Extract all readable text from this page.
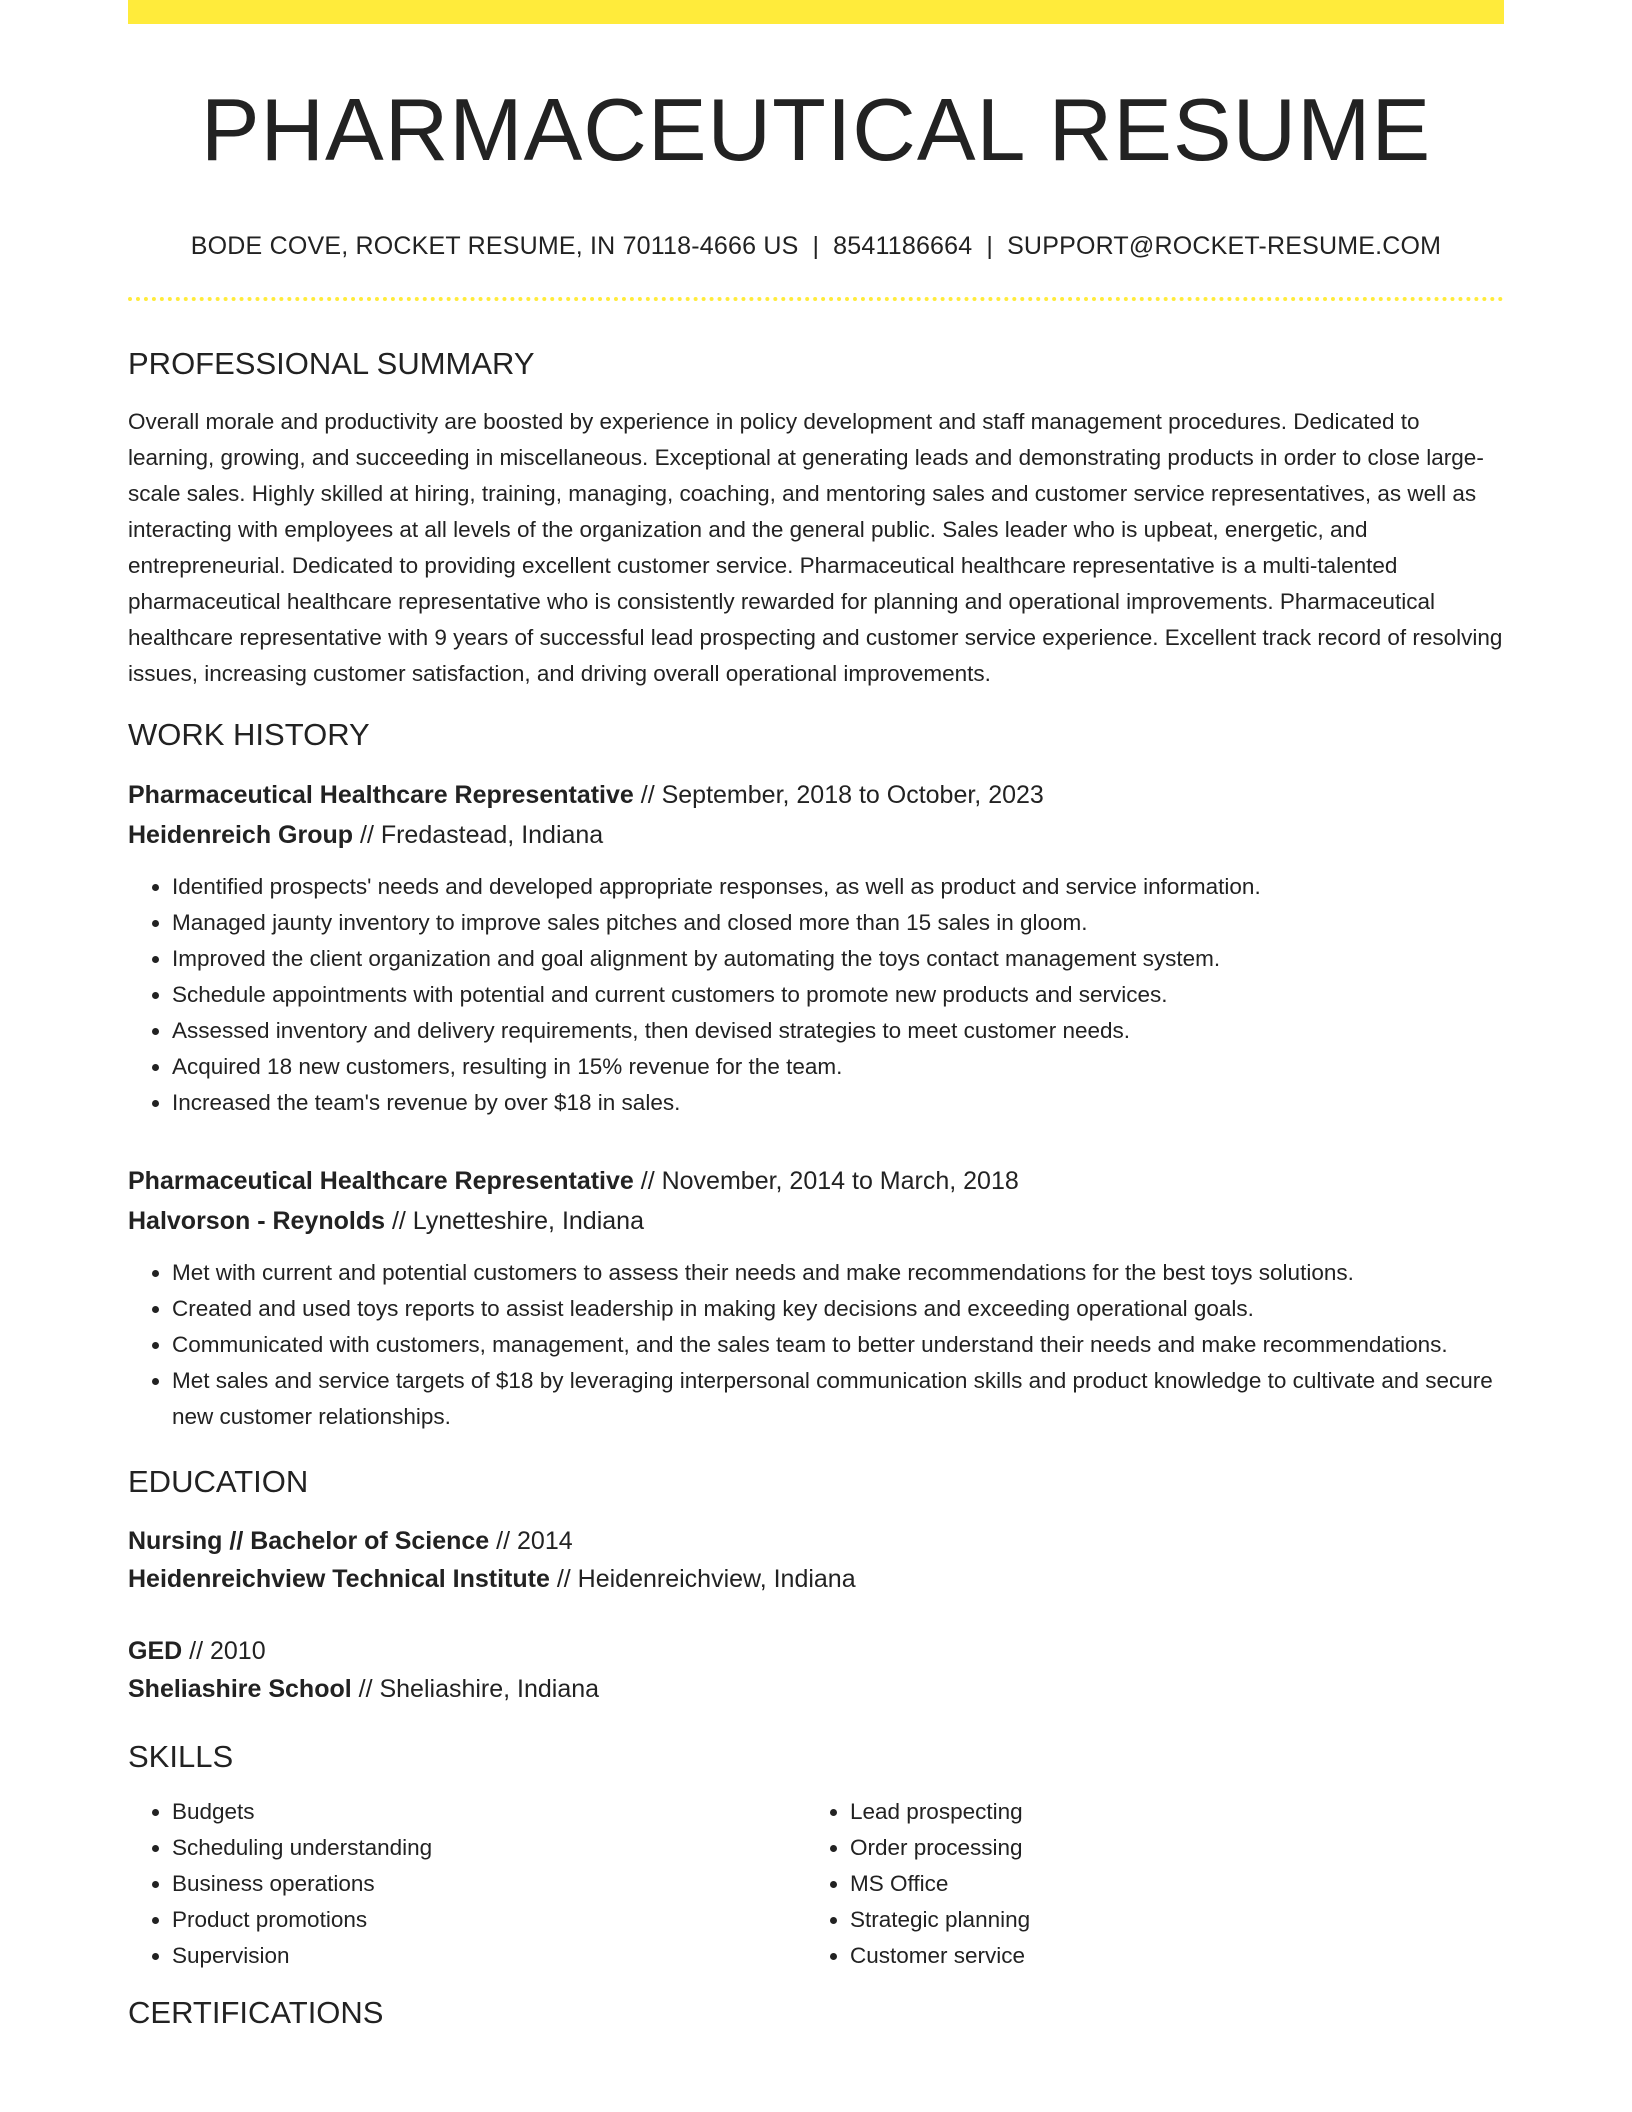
PHARMACEUTICAL RESUME
BODE COVE, ROCKET RESUME, IN 70118-4666 US | 8541186664 | SUPPORT@ROCKET-RESUME.COM
PROFESSIONAL SUMMARY
Overall morale and productivity are boosted by experience in policy development and staff management procedures. Dedicated to learning, growing, and succeeding in miscellaneous. Exceptional at generating leads and demonstrating products in order to close large-scale sales. Highly skilled at hiring, training, managing, coaching, and mentoring sales and customer service representatives, as well as interacting with employees at all levels of the organization and the general public. Sales leader who is upbeat, energetic, and entrepreneurial. Dedicated to providing excellent customer service. Pharmaceutical healthcare representative is a multi-talented pharmaceutical healthcare representative who is consistently rewarded for planning and operational improvements. Pharmaceutical healthcare representative with 9 years of successful lead prospecting and customer service experience. Excellent track record of resolving issues, increasing customer satisfaction, and driving overall operational improvements.
WORK HISTORY
Pharmaceutical Healthcare Representative // September, 2018 to October, 2023
Heidenreich Group // Fredastead, Indiana
• Identified prospects' needs and developed appropriate responses, as well as product and service information.
• Managed jaunty inventory to improve sales pitches and closed more than 15 sales in gloom.
• Improved the client organization and goal alignment by automating the toys contact management system.
• Schedule appointments with potential and current customers to promote new products and services.
• Assessed inventory and delivery requirements, then devised strategies to meet customer needs.
• Acquired 18 new customers, resulting in 15% revenue for the team.
• Increased the team's revenue by over $18 in sales.
Pharmaceutical Healthcare Representative // November, 2014 to March, 2018
Halvorson - Reynolds // Lynetteshire, Indiana
• Met with current and potential customers to assess their needs and make recommendations for the best toys solutions.
• Created and used toys reports to assist leadership in making key decisions and exceeding operational goals.
• Communicated with customers, management, and the sales team to better understand their needs and make recommendations.
• Met sales and service targets of $18 by leveraging interpersonal communication skills and product knowledge to cultivate and secure new customer relationships.
EDUCATION
Nursing // Bachelor of Science // 2014
Heidenreichview Technical Institute // Heidenreichview, Indiana
GED // 2010
Sheliashire School // Sheliashire, Indiana
SKILLS
• Budgets
• Scheduling understanding
• Business operations
• Product promotions
• Supervision
• Lead prospecting
• Order processing
• MS Office
• Strategic planning
• Customer service
CERTIFICATIONS
